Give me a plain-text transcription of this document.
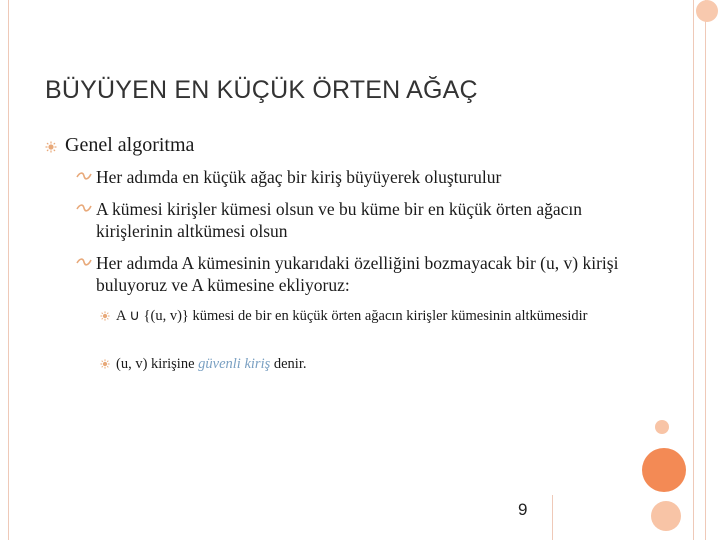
BÜYÜYEN EN KÜÇÜK ÖRTEN AĞAÇ
Genel algoritma
Her adımda en küçük ağaç bir kiriş büyüyerek oluşturulur
A kümesi kirişler kümesi olsun ve bu küme bir en küçük örten ağacın kirişlerinin altkümesi olsun
Her adımda A kümesinin yukarıdaki özelliğini bozmayacak bir (u, v) kirişi buluyoruz ve A kümesine ekliyoruz:
A ∪ {(u, v)} kümesi de bir en küçük örten ağacın kirişler kümesinin altkümesidir
(u, v) kirişine güvenli kiriş denir.
9
